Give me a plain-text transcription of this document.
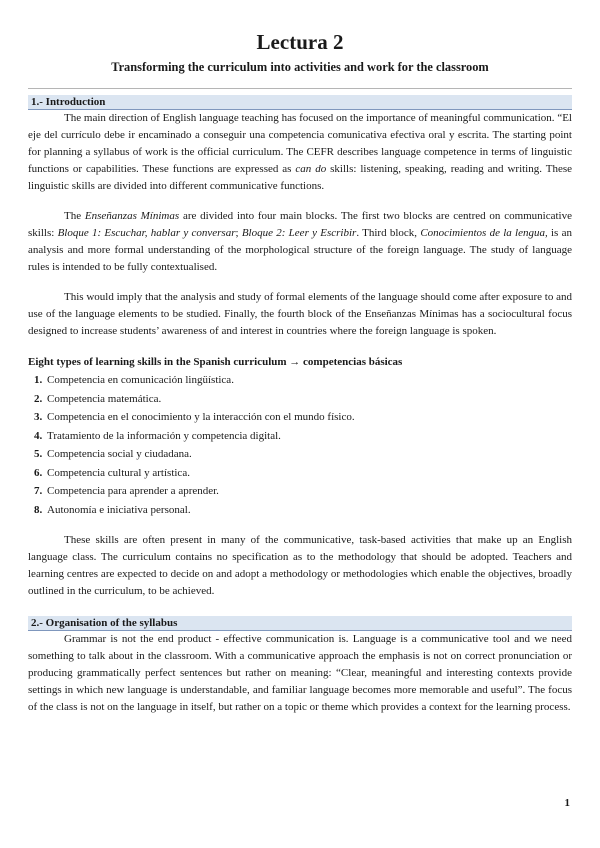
Lectura 2
Transforming the curriculum into activities and work for the classroom
1.- Introduction

The main direction of English language teaching has focused on the importance of meaningful communication. “El eje del currículo debe ir encaminado a conseguir una competencia comunicativa efectiva oral y escrita. The starting point for planning a syllabus of work is the official curriculum. The CEFR describes language competence in terms of linguistic functions or capabilities. These functions are expressed as can do skills: listening, speaking, reading and writing. These linguistic skills are divided into different communicative functions.

The Enseñanzas Mínimas are divided into four main blocks. The first two blocks are centred on communicative skills: Bloque 1: Escuchar, hablar y conversar; Bloque 2: Leer y Escribir. Third block, Conocimientos de la lengua, is an analysis and more formal understanding of the morphological structure of the foreign language. The study of language rules is intended to be fully contextualised.

This would imply that the analysis and study of formal elements of the language should come after exposure to and use of the language elements to be studied. Finally, the fourth block of the Enseñanzas Mínimas has a sociocultural focus designed to increase students’ awareness of and interest in countries where the foreign language is spoken.

Eight types of learning skills in the Spanish curriculum → competencias básicas
1. Competencia en comunicación lingüística.
2. Competencia matemática.
3. Competencia en el conocimiento y la interacción con el mundo físico.
4. Tratamiento de la información y competencia digital.
5. Competencia social y ciudadana.
6. Competencia cultural y artística.
7. Competencia para aprender a aprender.
8. Autonomía e iniciativa personal.

These skills are often present in many of the communicative, task-based activities that make up an English language class. The curriculum contains no specification as to the methodology that should be adopted. Teachers and learning centres are expected to decide on and adopt a methodology or methodologies which enable the objectives, broadly outlined in the curriculum, to be achieved.

2.- Organisation of the syllabus

Grammar is not the end product - effective communication is. Language is a communicative tool and we need something to talk about in the classroom. With a communicative approach the emphasis is not on correct pronunciation or producing grammatically perfect sentences but rather on meaning: “Clear, meaningful and interesting contexts provide settings in which new language is understandable, and familiar language becomes more memorable and useful”. The focus of the class is not on the language in itself, but rather on a topic or theme which provides a context for the learning process.

1
